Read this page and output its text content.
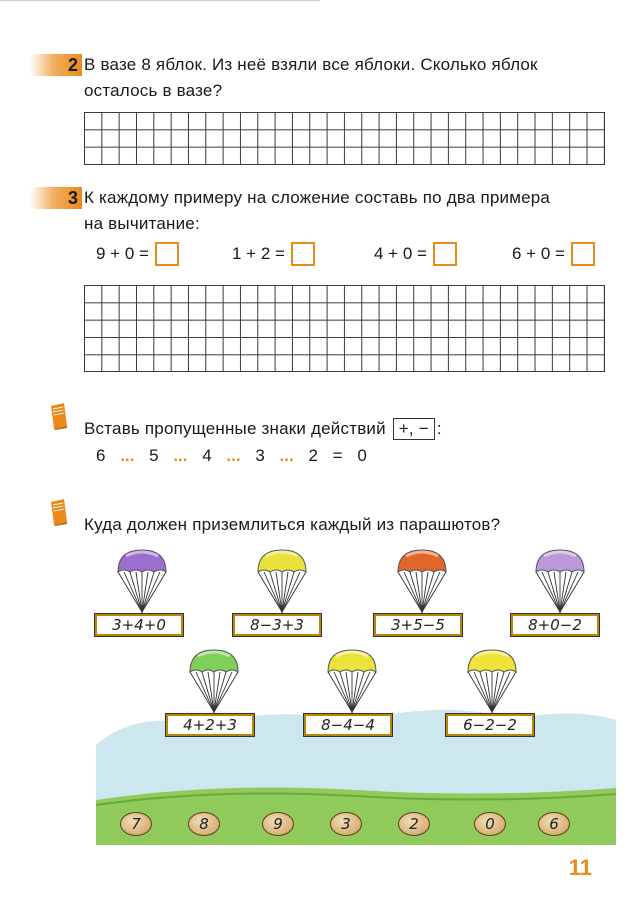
2 В вазе 8 яблок. Из неё взяли все яблоки. Сколько яблок
осталось в вазе?
3 К каждому примеру на сложение составь по два примера
на вычитание:
9 + 0 =	1 + 2 =	4 + 0 =	6 + 0 =
Вставь пропущенные знаки действий +, − :
6 ... 5 ... 4 ... 3 ... 2 = 0
Куда должен приземлиться каждый из парашютов?
3+4+0	8−3+3	3+5−5	8+0−2
4+2+3	8−4−4	6−2−2
7	8	9	3	2	0	6
11
